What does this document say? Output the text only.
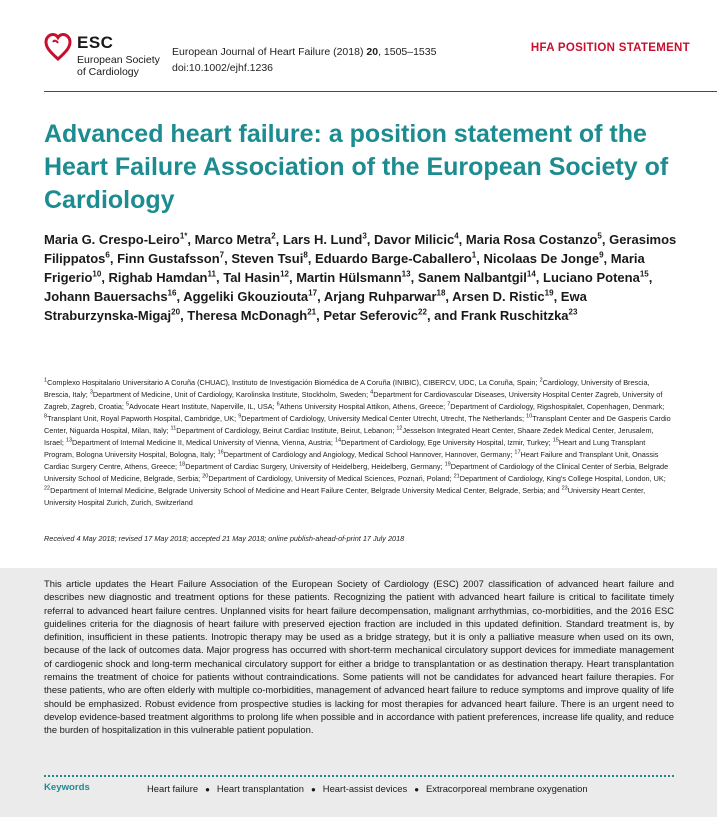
ESC
European Society
of Cardiology
European Journal of Heart Failure (2018) 20, 1505–1535
doi:10.1002/ejhf.1236
HFA POSITION STATEMENT
Advanced heart failure: a position statement of the Heart Failure Association of the European Society of Cardiology
Maria G. Crespo-Leiro$^{1*}$, Marco Metra$^2$, Lars H. Lund$^3$, Davor Milicic$^4$, Maria Rosa Costanzo$^5$, Gerasimos Filippatos$^6$, Finn Gustafsson$^7$, Steven Tsui$^8$, Eduardo Barge-Caballero$^1$, Nicolaas De Jonge$^9$, Maria Frigerio$^{10}$, Righab Hamdan$^{11}$, Tal Hasin$^{12}$, Martin Hülsmann$^{13}$, Sanem Nalbantgil$^{14}$, Luciano Potena$^{15}$, Johann Bauersachs$^{16}$, Aggeliki Gkouziouta$^{17}$, Arjang Ruhparwar$^{18}$, Arsen D. Ristic$^{19}$, Ewa Straburzynska-Migaj$^{20}$, Theresa McDonagh$^{21}$, Petar Seferovic$^{22}$, and Frank Ruschitzka$^{23}$
$^1$Complexo Hospitalario Universitario A Coruña (CHUAC), Instituto de Investigación Biomédica de A Coruña (INIBIC), CIBERCV, UDC, La Coruña, Spain; $^2$Cardiology, University of Brescia, Brescia, Italy; $^3$Department of Medicine, Unit of Cardiology, Karolinska Institute, Stockholm, Sweden; $^4$Department for Cardiovascular Diseases, University Hospital Center Zagreb, University of Zagreb, Zagreb, Croatia; $^5$Advocate Heart Institute, Naperville, IL, USA; $^6$Athens University Hospital Attikon, Athens, Greece; $^7$Department of Cardiology, Rigshospitalet, Copenhagen, Denmark; $^8$Transplant Unit, Royal Papworth Hospital, Cambridge, UK; $^9$Department of Cardiology, University Medical Center Utrecht, Utrecht, The Netherlands; $^{10}$Transplant Center and De Gasperis Cardio Center, Niguarda Hospital, Milan, Italy; $^{11}$Department of Cardiology, Beirut Cardiac Institute, Beirut, Lebanon; $^{12}$Jesselson Integrated Heart Center, Shaare Zedek Medical Center, Jerusalem, Israel; $^{13}$Department of Internal Medicine II, Medical University of Vienna, Vienna, Austria; $^{14}$Department of Cardiology, Ege University Hospital, Izmir, Turkey; $^{15}$Heart and Lung Transplant Program, Bologna University Hospital, Bologna, Italy; $^{16}$Department of Cardiology and Angiology, Medical School Hannover, Hannover, Germany; $^{17}$Heart Failure and Transplant Unit, Onassis Cardiac Surgery Centre, Athens, Greece; $^{18}$Department of Cardiac Surgery, University of Heidelberg, Heidelberg, Germany; $^{19}$Department of Cardiology of the Clinical Center of Serbia, Belgrade University School of Medicine, Belgrade, Serbia; $^{20}$Department of Cardiology, University of Medical Sciences, Poznań, Poland; $^{21}$Department of Cardiology, King's College Hospital, London, UK; $^{22}$Department of Internal Medicine, Belgrade University School of Medicine and Heart Failure Center, Belgrade University Medical Center, Belgrade, Serbia; and $^{23}$University Heart Center, University Hospital Zurich, Zurich, Switzerland
Received 4 May 2018; revised 17 May 2018; accepted 21 May 2018; online publish-ahead-of-print 17 July 2018

This article updates the Heart Failure Association of the European Society of Cardiology (ESC) 2007 classification of advanced heart failure and describes new diagnostic and treatment options for these patients. Recognizing the patient with advanced heart failure is critical to facilitate timely referral to advanced heart failure centres. Unplanned visits for heart failure decompensation, malignant arrhythmias, co-morbidities, and the 2016 ESC guidelines criteria for the diagnosis of heart failure with preserved ejection fraction are included in this updated definition. Standard treatment is, by definition, insufficient in these patients. Inotropic therapy may be used as a bridge strategy, but it is only a palliative measure when used on its own, because of the lack of outcomes data. Major progress has occurred with short-term mechanical circulatory support devices for immediate management of cardiogenic shock and long-term mechanical circulatory support for either a bridge to transplantation or as destination therapy. Heart transplantation remains the treatment of choice for patients without contraindications. Some patients will not be candidates for advanced heart failure therapies. For these patients, who are often elderly with multiple co-morbidities, management of advanced heart failure to reduce symptoms and improve quality of life should be emphasized. Robust evidence from prospective studies is lacking for most therapies for advanced heart failure. There is an urgent need to develop evidence-based treatment algorithms to prolong life when possible and in accordance with patient preferences, increase life quality, and reduce the burden of hospitalization in this vulnerable patient population.

Keywords	Heart failure ● Heart transplantation ● Heart-assist devices ● Extracorporeal membrane oxygenation
